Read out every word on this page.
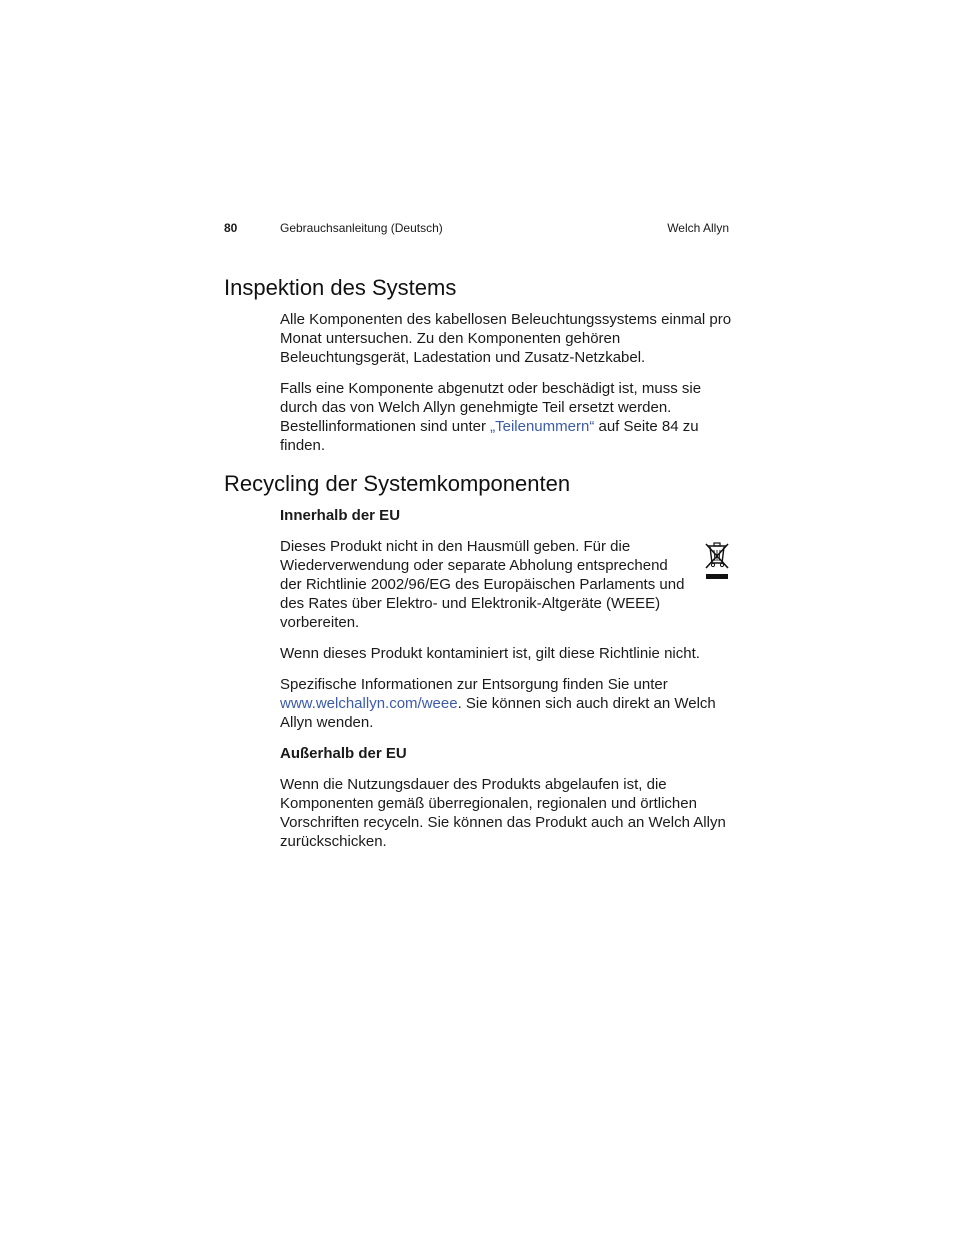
80	Gebrauchsanleitung (Deutsch)	Welch Allyn
Inspektion des Systems

Alle Komponenten des kabellosen Beleuchtungssystems einmal pro Monat untersuchen. Zu den Komponenten gehören Beleuchtungsgerät, Ladestation und Zusatz-Netzkabel.

Falls eine Komponente abgenutzt oder beschädigt ist, muss sie durch das von Welch Allyn genehmigte Teil ersetzt werden. Bestellinformationen sind unter „Teilenummern“ auf Seite 84 zu finden.

Recycling der Systemkomponenten
Innerhalb der EU

Dieses Produkt nicht in den Hausmüll geben. Für die Wiederverwendung oder separate Abholung entsprechend der Richtlinie 2002/96/EG des Europäischen Parlaments und des Rates über Elektro- und Elektronik-Altgeräte (WEEE) vorbereiten.

Wenn dieses Produkt kontaminiert ist, gilt diese Richtlinie nicht.

Spezifische Informationen zur Entsorgung finden Sie unter www.welchallyn.com/weee. Sie können sich auch direkt an Welch Allyn wenden.

Außerhalb der EU

Wenn die Nutzungsdauer des Produkts abgelaufen ist, die Komponenten gemäß überregionalen, regionalen und örtlichen Vorschriften recyceln. Sie können das Produkt auch an Welch Allyn zurückschicken.
